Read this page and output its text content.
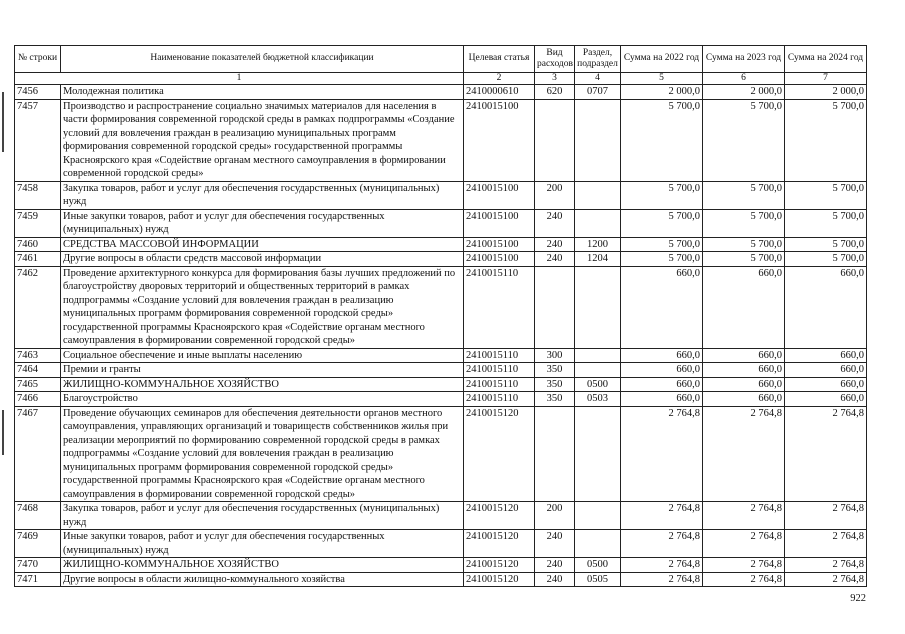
№ строки	Наименование показателей бюджетной классификации	Целевая статья	Вид расходов	Раздел, подраздел	Сумма на 2022 год	Сумма на 2023 год	Сумма на 2024 год
1		2	3	4	5	6	7
7456	Молодежная политика	2410000610	620	0707	2 000,0	2 000,0	2 000,0
7457	Производство и распространение социально значимых материалов для населения в части формирования современной городской среды в рамках подпрограммы «Создание условий для вовлечения граждан в реализацию муниципальных программ формирования современной городской среды» государственной программы Красноярского края «Содействие органам местного самоуправления в формировании современной городской среды»	2410015100			5 700,0	5 700,0	5 700,0
7458	Закупка товаров, работ и услуг для обеспечения государственных (муниципальных) нужд	2410015100	200		5 700,0	5 700,0	5 700,0
7459	Иные закупки товаров, работ и услуг для обеспечения государственных (муниципальных) нужд	2410015100	240		5 700,0	5 700,0	5 700,0
7460	СРЕДСТВА МАССОВОЙ ИНФОРМАЦИИ	2410015100	240	1200	5 700,0	5 700,0	5 700,0
7461	Другие вопросы в области средств массовой информации	2410015100	240	1204	5 700,0	5 700,0	5 700,0
7462	Проведение архитектурного конкурса для формирования базы лучших предложений по благоустройству дворовых территорий и общественных территорий в рамках подпрограммы «Создание условий для вовлечения граждан в реализацию муниципальных программ формирования современной городской среды» государственной программы Красноярского края «Содействие органам местного самоуправления в формировании современной городской среды»	2410015110			660,0	660,0	660,0
7463	Социальное обеспечение и иные выплаты населению	2410015110	300		660,0	660,0	660,0
7464	Премии и гранты	2410015110	350		660,0	660,0	660,0
7465	ЖИЛИЩНО-КОММУНАЛЬНОЕ ХОЗЯЙСТВО	2410015110	350	0500	660,0	660,0	660,0
7466	Благоустройство	2410015110	350	0503	660,0	660,0	660,0
7467	Проведение обучающих семинаров для обеспечения деятельности органов местного самоуправления, управляющих организаций и товариществ собственников жилья при реализации мероприятий по формированию современной городской среды в рамках подпрограммы «Создание условий для вовлечения граждан в реализацию муниципальных программ формирования современной городской среды» государственной программы Красноярского края «Содействие органам местного самоуправления в формировании современной городской среды»	2410015120			2 764,8	2 764,8	2 764,8
7468	Закупка товаров, работ и услуг для обеспечения государственных (муниципальных) нужд	2410015120	200		2 764,8	2 764,8	2 764,8
7469	Иные закупки товаров, работ и услуг для обеспечения государственных (муниципальных) нужд	2410015120	240		2 764,8	2 764,8	2 764,8
7470	ЖИЛИЩНО-КОММУНАЛЬНОЕ ХОЗЯЙСТВО	2410015120	240	0500	2 764,8	2 764,8	2 764,8
7471	Другие вопросы в области жилищно-коммунального хозяйства	2410015120	240	0505	2 764,8	2 764,8	2 764,8
922
